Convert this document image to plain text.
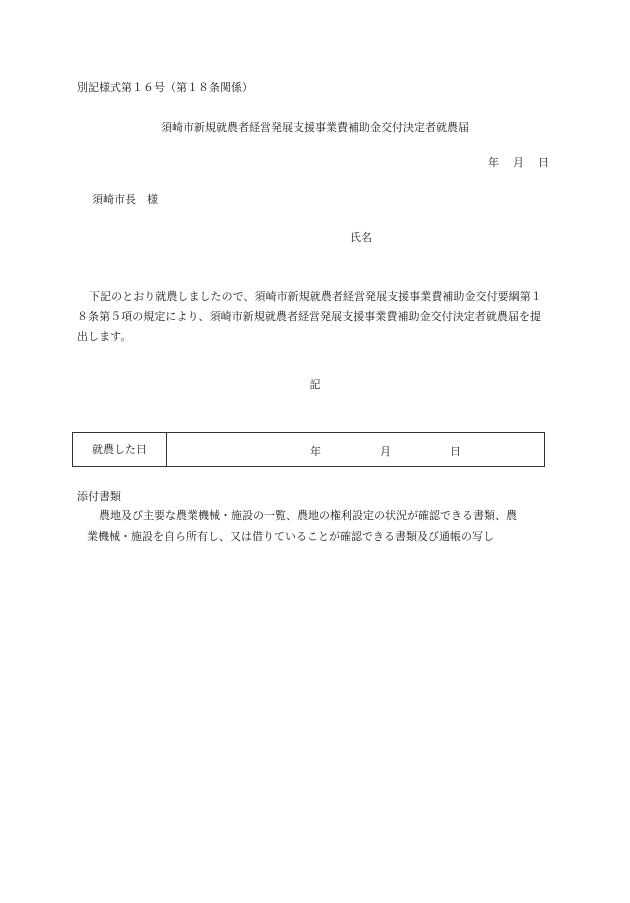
別記様式第１６号（第１８条関係）
須崎市新規就農者経営発展支援事業費補助金交付決定者就農届
年 月 日
須崎市長　様
氏名
下記のとおり就農しましたので、須崎市新規就農者経営発展支援事業費補助金交付要綱第１８条第５項の規定により、須崎市新規就農者経営発展支援事業費補助金交付決定者就農届を提出します。
記
就農した日	年	月	日
添付書類
農地及び主要な農業機械・施設の一覧、農地の権利設定の状況が確認できる書類、農
業機械・施設を自ら所有し、又は借りていることが確認できる書類及び通帳の写し
